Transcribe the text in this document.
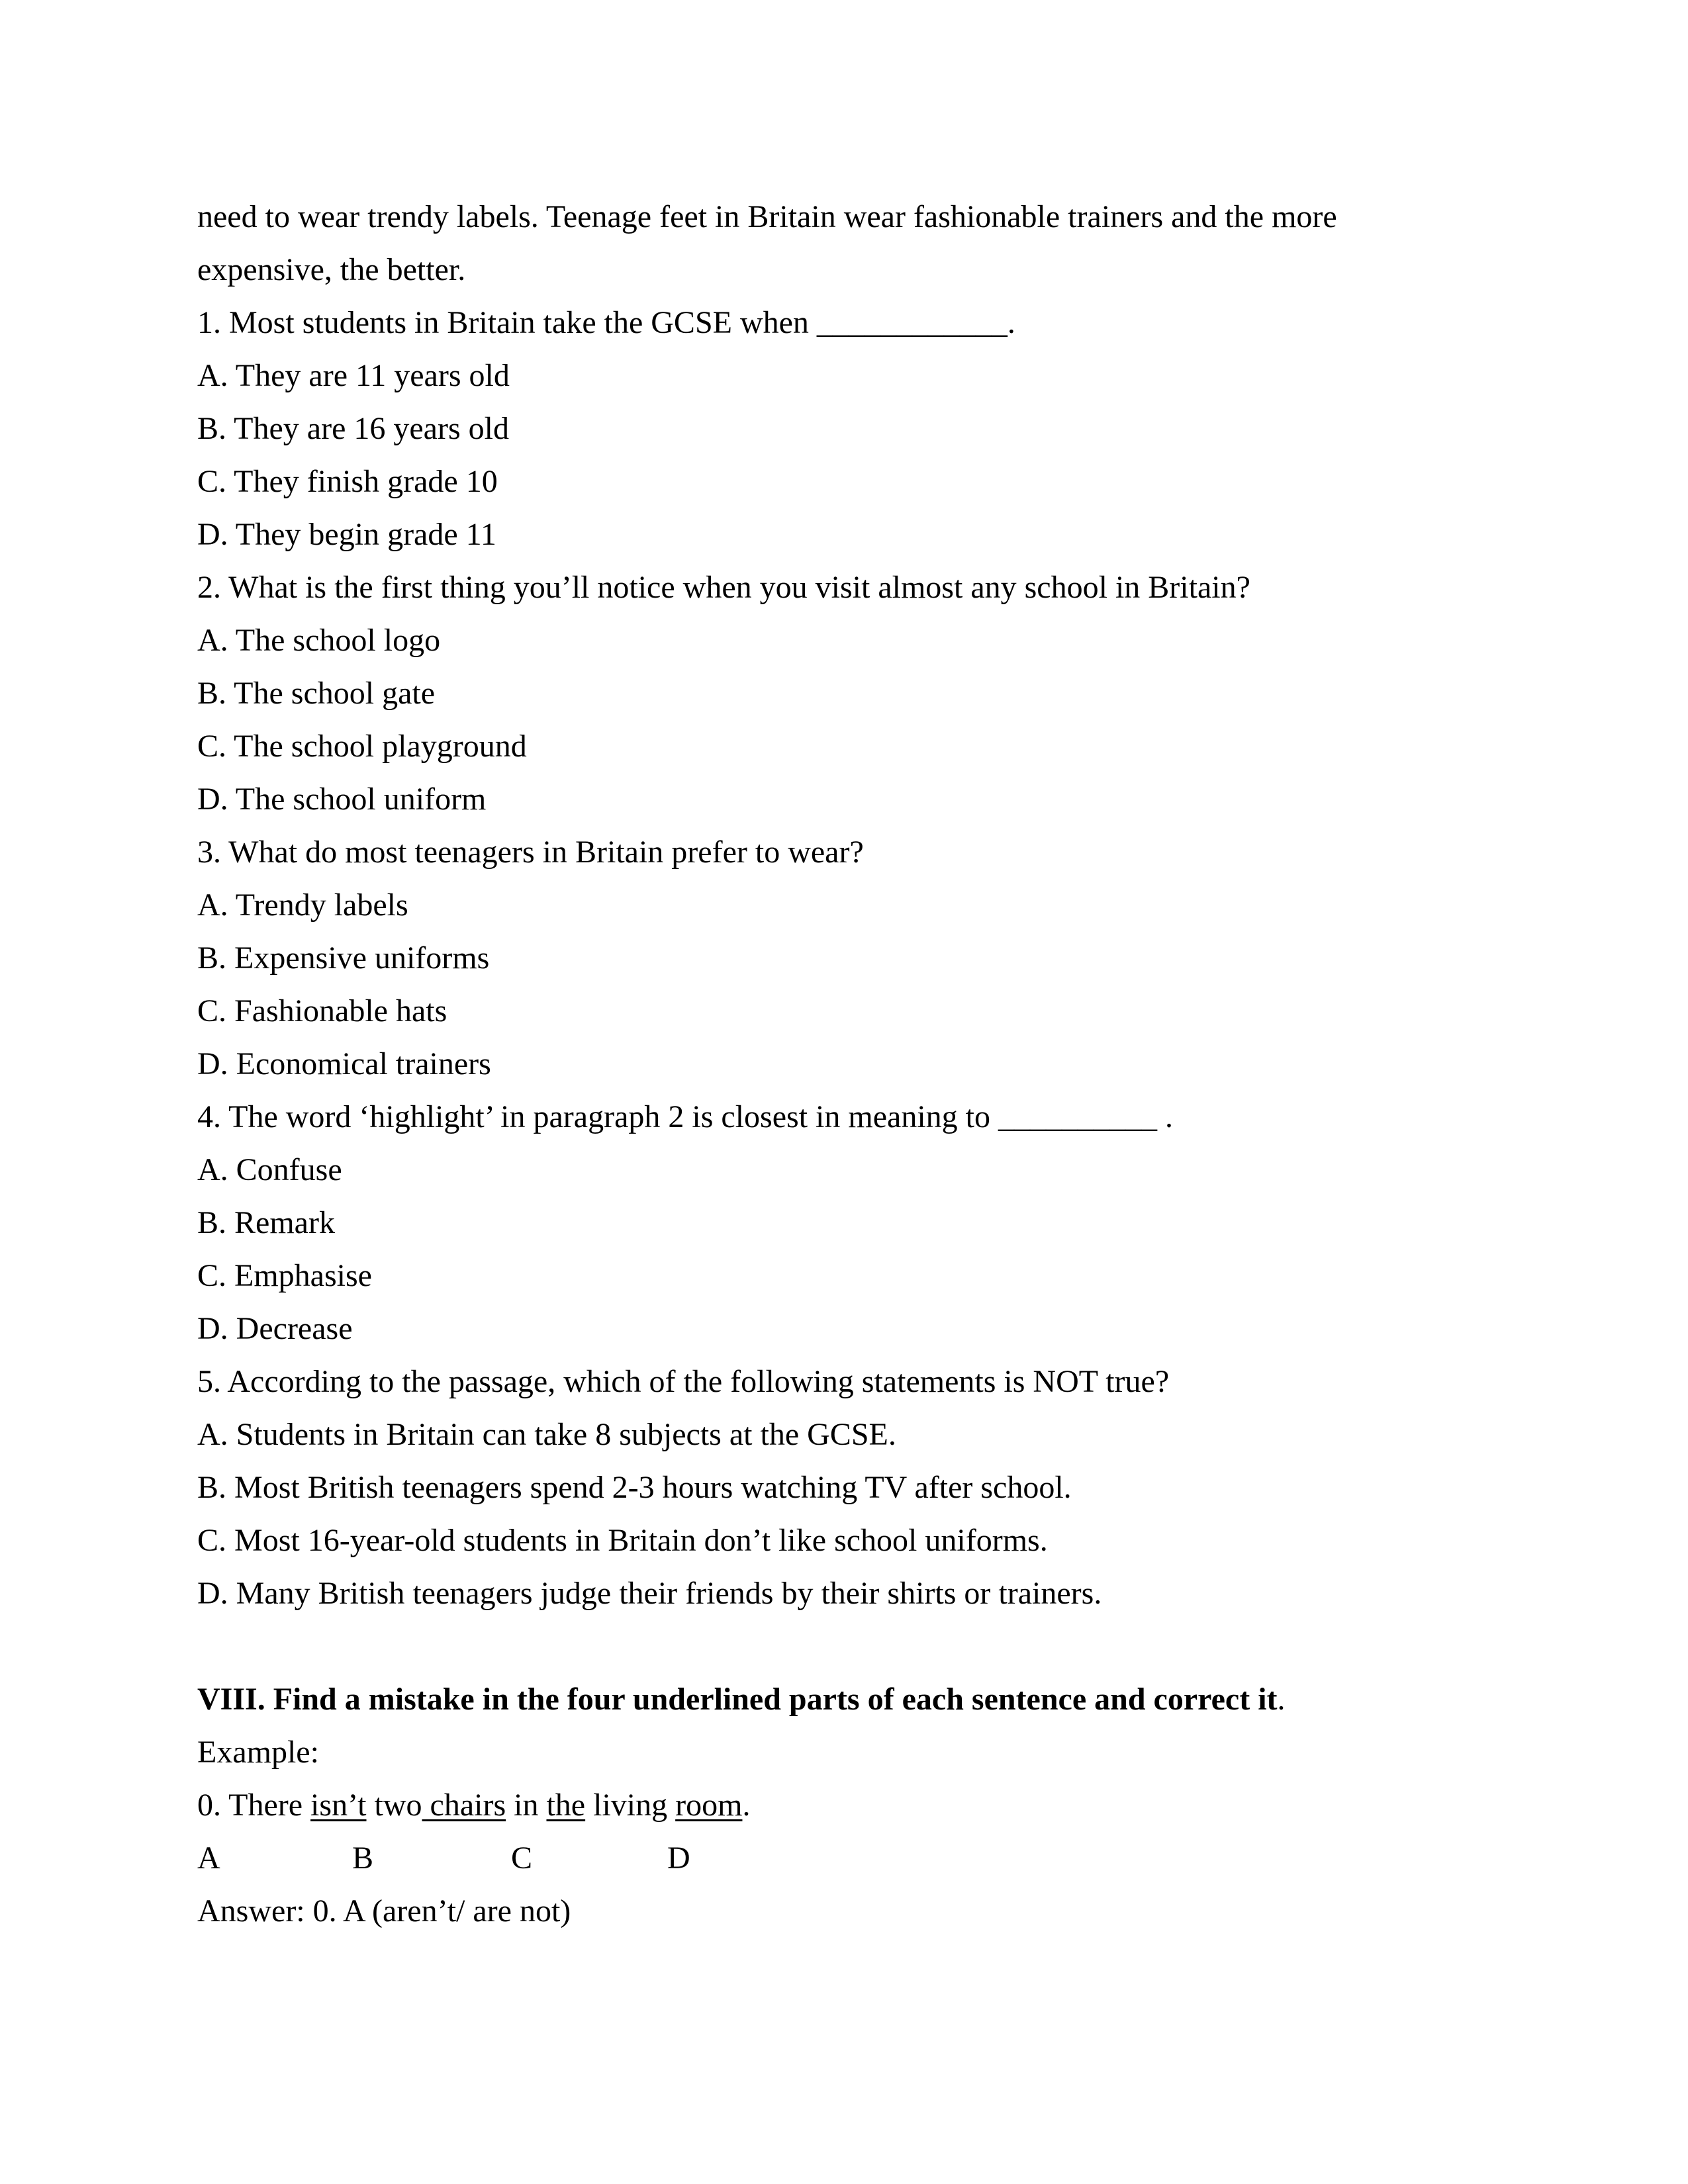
need to wear trendy labels. Teenage feet in Britain wear fashionable trainers and the more
expensive, the better.
1. Most students in Britain take the GCSE when ____________.
A. They are 11 years old
B. They are 16 years old
C. They finish grade 10
D. They begin grade 11
2. What is the first thing you’ll notice when you visit almost any school in Britain?
A. The school logo
B. The school gate
C. The school playground
D. The school uniform
3. What do most teenagers in Britain prefer to wear?
A. Trendy labels
B. Expensive uniforms
C. Fashionable hats
D. Economical trainers
4. The word ‘highlight’ in paragraph 2 is closest in meaning to __________ .
A. Confuse
B. Remark
C. Emphasise
D. Decrease
5. According to the passage, which of the following statements is NOT true?
A. Students in Britain can take 8 subjects at the GCSE.
B. Most British teenagers spend 2-3 hours watching TV after school.
C. Most 16-year-old students in Britain don’t like school uniforms.
D. Many British teenagers judge their friends by their shirts or trainers.
VIII. Find a mistake in the four underlined parts of each sentence and correct it.
Example:
0. There isn’t two chairs in the living room.
A	B	C	D
Answer: 0. A (aren’t/ are not)
